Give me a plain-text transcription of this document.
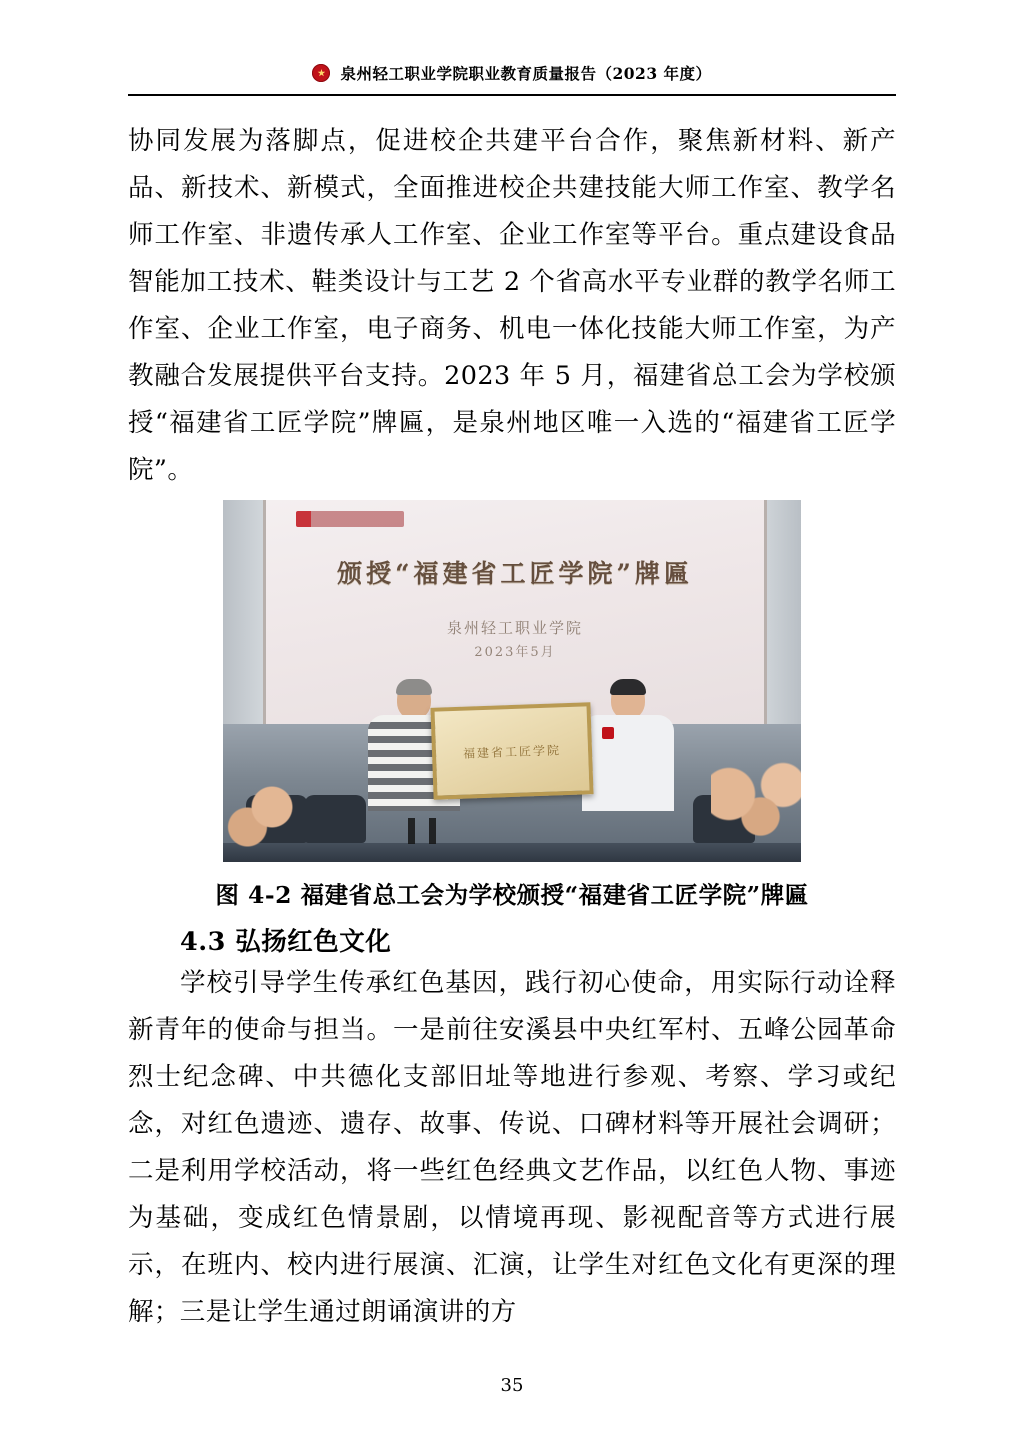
泉州轻工职业学院职业教育质量报告（2023 年度）

协同发展为落脚点，促进校企共建平台合作，聚焦新材料、新产品、新技术、新模式，全面推进校企共建技能大师工作室、教学名师工作室、非遗传承人工作室、企业工作室等平台。重点建设食品智能加工技术、鞋类设计与工艺 2 个省高水平专业群的教学名师工作室、企业工作室，电子商务、机电一体化技能大师工作室，为产教融合发展提供平台支持。2023 年 5 月，福建省总工会为学校颁授“福建省工匠学院”牌匾，是泉州地区唯一入选的“福建省工匠学院”。

颁授“福建省工匠学院”牌匾
泉州轻工职业学院
2023年5月
福建省工匠学院
图 4-2 福建省总工会为学校颁授“福建省工匠学院”牌匾
4.3 弘扬红色文化

学校引导学生传承红色基因，践行初心使命，用实际行动诠释新青年的使命与担当。一是前往安溪县中央红军村、五峰公园革命烈士纪念碑、中共德化支部旧址等地进行参观、考察、学习或纪念，对红色遗迹、遗存、故事、传说、口碑材料等开展社会调研；二是利用学校活动，将一些红色经典文艺作品，以红色人物、事迹为基础，变成红色情景剧，以情境再现、影视配音等方式进行展示，在班内、校内进行展演、汇演，让学生对红色文化有更深的理解；三是让学生通过朗诵演讲的方

35
